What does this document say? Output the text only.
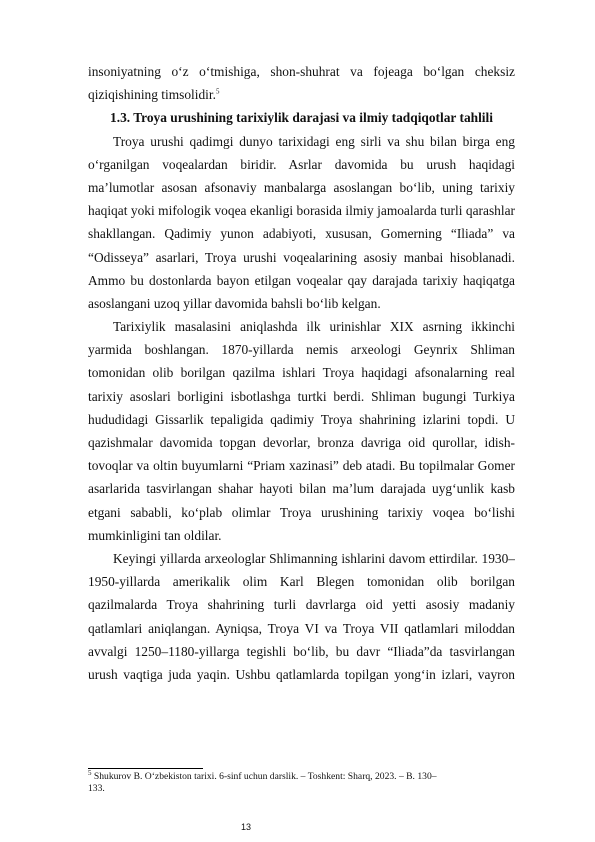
insoniyatning o‘z o‘tmishiga, shon-shuhrat va fojeaga bo‘lgan cheksiz
qiziqishining timsolidir.$^5$
1.3. Troya urushining tarixiylik darajasi va ilmiy tadqiqotlar tahlili
Troya urushi qadimgi dunyo tarixidagi eng sirli va shu bilan birga eng
o‘rganilgan voqealardan biridir. Asrlar davomida bu urush haqidagi
ma’lumotlar asosan afsonaviy manbalarga asoslangan bo‘lib, uning tarixiy
haqiqat yoki mifologik voqea ekanligi borasida ilmiy jamoalarda turli qarashlar
shakllangan. Qadimiy yunon adabiyoti, xususan, Gomerning “Iliada” va
“Odisseya” asarlari, Troya urushi voqealarining asosiy manbai hisoblanadi.
Ammo bu dostonlarda bayon etilgan voqealar qay darajada tarixiy haqiqatga
asoslangani uzoq yillar davomida bahsli bo‘lib kelgan.
Tarixiylik masalasini aniqlashda ilk urinishlar XIX asrning ikkinchi
yarmida boshlangan. 1870-yillarda nemis arxeologi Geynrix Shliman
tomonidan olib borilgan qazilma ishlari Troya haqidagi afsonalarning real
tarixiy asoslari borligini isbotlashga turtki berdi. Shliman bugungi Turkiya
hududidagi Gissarlik tepaligida qadimiy Troya shahrining izlarini topdi. U
qazishmalar davomida topgan devorlar, bronza davriga oid qurollar, idish-
tovoqlar va oltin buyumlarni “Priam xazinasi” deb atadi. Bu topilmalar Gomer
asarlarida tasvirlangan shahar hayoti bilan ma’lum darajada uyg‘unlik kasb
etgani sababli, ko‘plab olimlar Troya urushining tarixiy voqea bo‘lishi
mumkinligini tan oldilar.
Keyingi yillarda arxeologlar Shlimanning ishlarini davom ettirdilar. 1930–
1950-yillarda amerikalik olim Karl Blegen tomonidan olib borilgan
qazilmalarda Troya shahrining turli davrlarga oid yetti asosiy madaniy
qatlamlari aniqlangan. Ayniqsa, Troya VI va Troya VII qatlamlari miloddan
avvalgi 1250–1180-yillarga tegishli bo‘lib, bu davr “Iliada”da tasvirlangan
urush vaqtiga juda yaqin. Ushbu qatlamlarda topilgan yong‘in izlari, vayron
$^5$ Shukurov B. O‘zbekiston tarixi. 6-sinf uchun darslik. – Toshkent: Sharq, 2023. – B. 130–
133.
13
